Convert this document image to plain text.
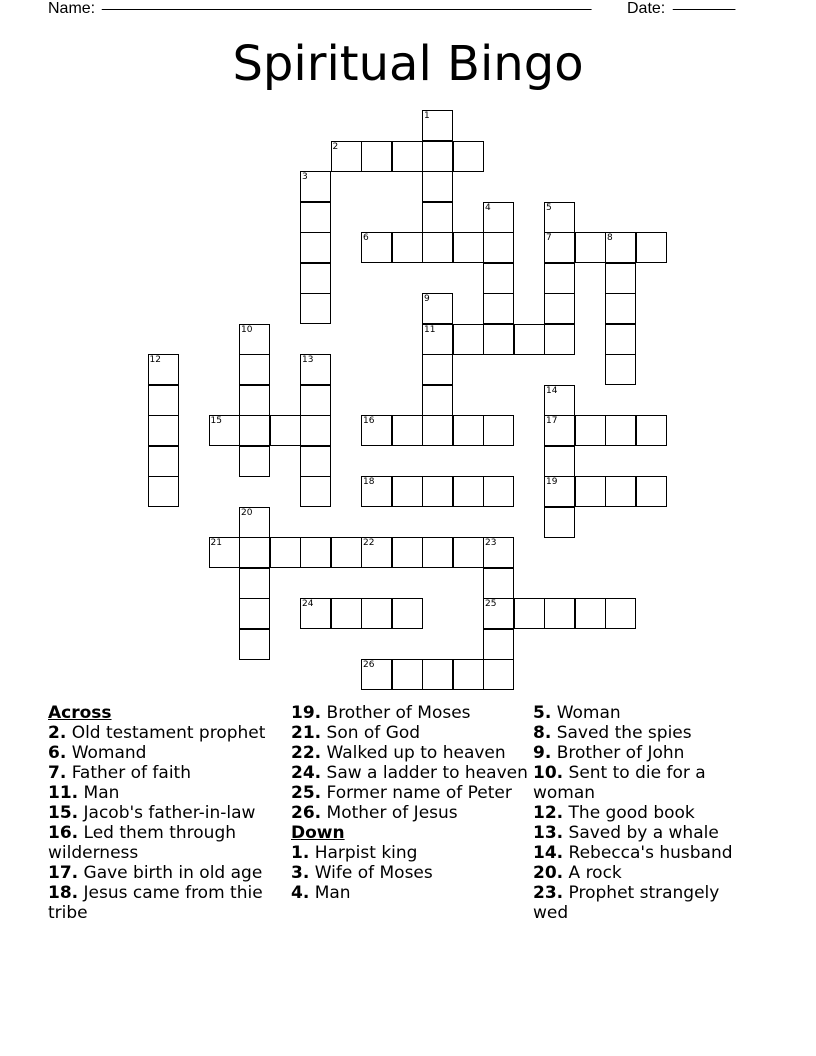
Name: _______________________________________________________ Date: _______
Spiritual Bingo
1
2
3
4	5
6	7	8
9
10	11
12	13
14
15	16	17
18	19
20
21	22	23
24	25
26
Across
2. Old testament prophet
6. Womand
7. Father of faith
11. Man
15. Jacob's father-in-law
16. Led them through wilderness
17. Gave birth in old age
18. Jesus came from thie tribe
19. Brother of Moses
21. Son of God
22. Walked up to heaven
24. Saw a ladder to heaven
25. Former name of Peter
26. Mother of Jesus
Down
1. Harpist king
3. Wife of Moses
4. Man
5. Woman
8. Saved the spies
9. Brother of John
10. Sent to die for a woman
12. The good book
13. Saved by a whale
14. Rebecca's husband
20. A rock
23. Prophet strangely wed
